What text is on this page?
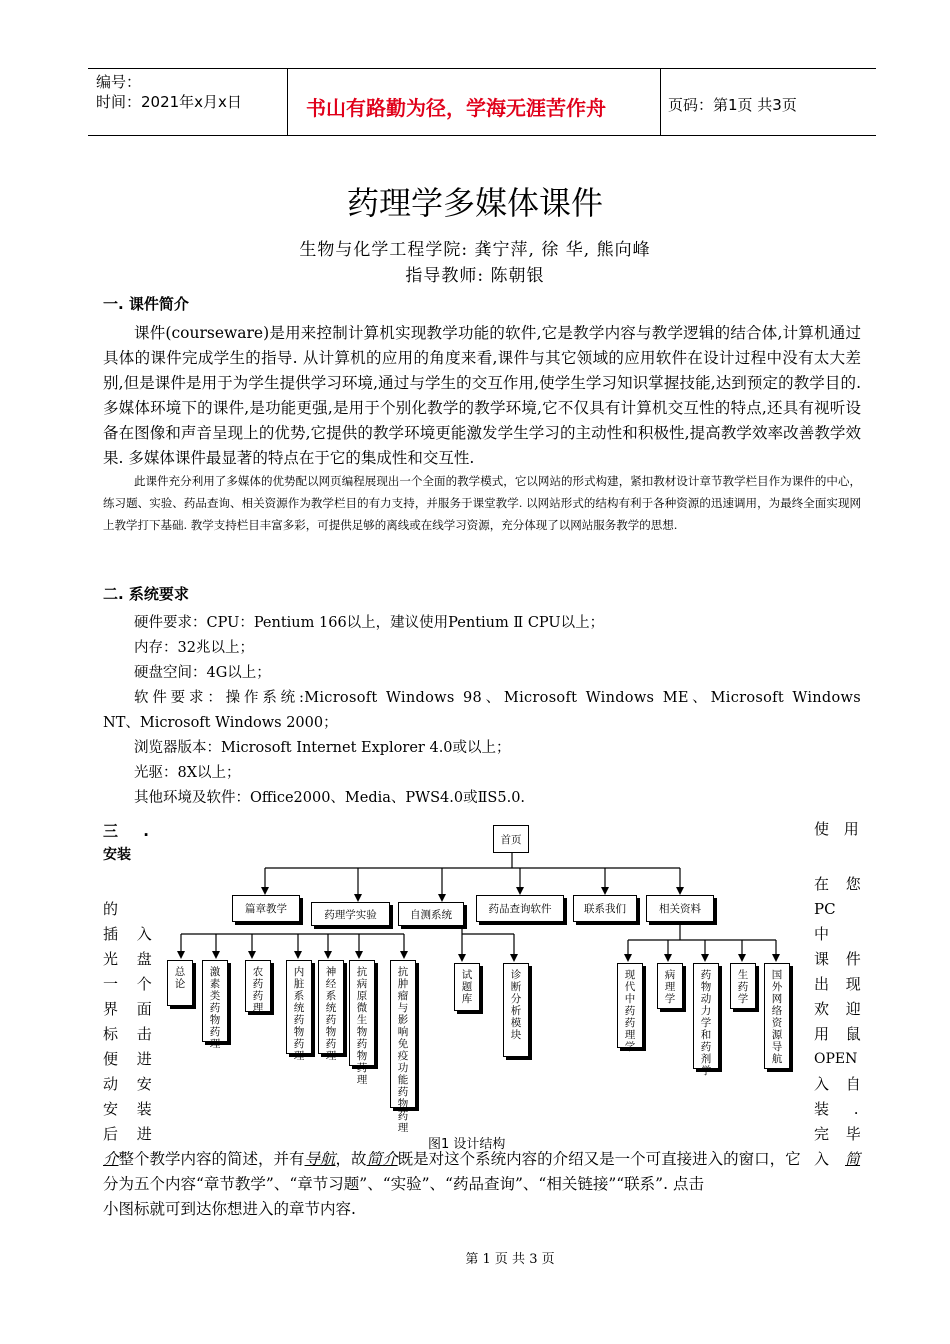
编号：
时间：2021年x月x日	书山有路勤为径，学海无涯苦作舟	页码：第1页 共3页
药理学多媒体课件
生物与化学工程学院: 龚宁萍, 徐 华, 熊向峰
指导教师: 陈朝银
一. 课件简介
课件(courseware)是用来控制计算机实现教学功能的软件,它是教学内容与教学逻辑的结合体,计算机通过具体的课件完成学生的指导. 从计算机的应用的角度来看,课件与其它领域的应用软件在设计过程中没有太大差别,但是课件是用于为学生提供学习环境,通过与学生的交互作用,使学生学习知识掌握技能,达到预定的教学目的. 多媒体环境下的课件,是功能更强,是用于个别化教学的教学环境,它不仅具有计算机交互性的特点,还具有视听设备在图像和声音呈现上的优势,它提供的教学环境更能激发学生学习的主动性和积极性,提高教学效率改善教学效果. 多媒体课件最显著的特点在于它的集成性和交互性.
此课件充分利用了多媒体的优势配以网页编程展现出一个全面的教学模式，它以网站的形式构建，紧扣教材设计章节教学栏目作为课件的中心，练习题、实验、药品查询、相关资源作为教学栏目的有力支持，并服务于课堂教学. 以网站形式的结构有利于各种资源的迅速调用，为最终全面实现网上教学打下基础. 教学支持栏目丰富多彩，可提供足够的离线或在线学习资源，充分体现了以网站服务教学的思想.
二. 系统要求
硬件要求：CPU：Pentium 166以上，建议使用Pentium Ⅱ CPU以上；
内存：32兆以上；
硬盘空间：4G以上；
软件要求：操作系统:Microsoft Windows 98、Microsoft Windows ME、Microsoft Windows
NT、Microsoft Windows 2000；
浏览器版本：Microsoft Internet Explorer 4.0或以上；
光驱：8X以上；
其他环境及软件：Office2000、Media、PWS4.0或ⅡS5.0.
三 .
安装
使 用
的
插 入
光 盘
一 个
界 面
标 击
便 进
动 安
安 装
后 进
在 您
PC 中
课 件
出 现
欢 迎
用 鼠
OPEN
入 自
装 .
完 毕
入 简
首页
篇章教学	药理学实验	自测系统	药品查询软件	联系我们	相关资料
总论
激素类药物药理
农药药理
内脏系统药物药理
神经系统药物药理
抗病原微生物药物药理
抗肿瘤与影响免疫功能药物药理
试题库
诊断分析模块
现代中药药理学
病理学
药物动力学和药剂学
生药学
国外网络资源导航
图1 设计结构
介整个教学内容的简述，并有导航，故简介既是对这个系统内容的介绍又是一个可直接进入的窗口，它
分为五个内容“章节教学”、“章节习题”、“实验”、“药品查询”、“相关链接”“联系”. 点击
小图标就可到达你想进入的章节内容.
第 1 页 共 3 页
